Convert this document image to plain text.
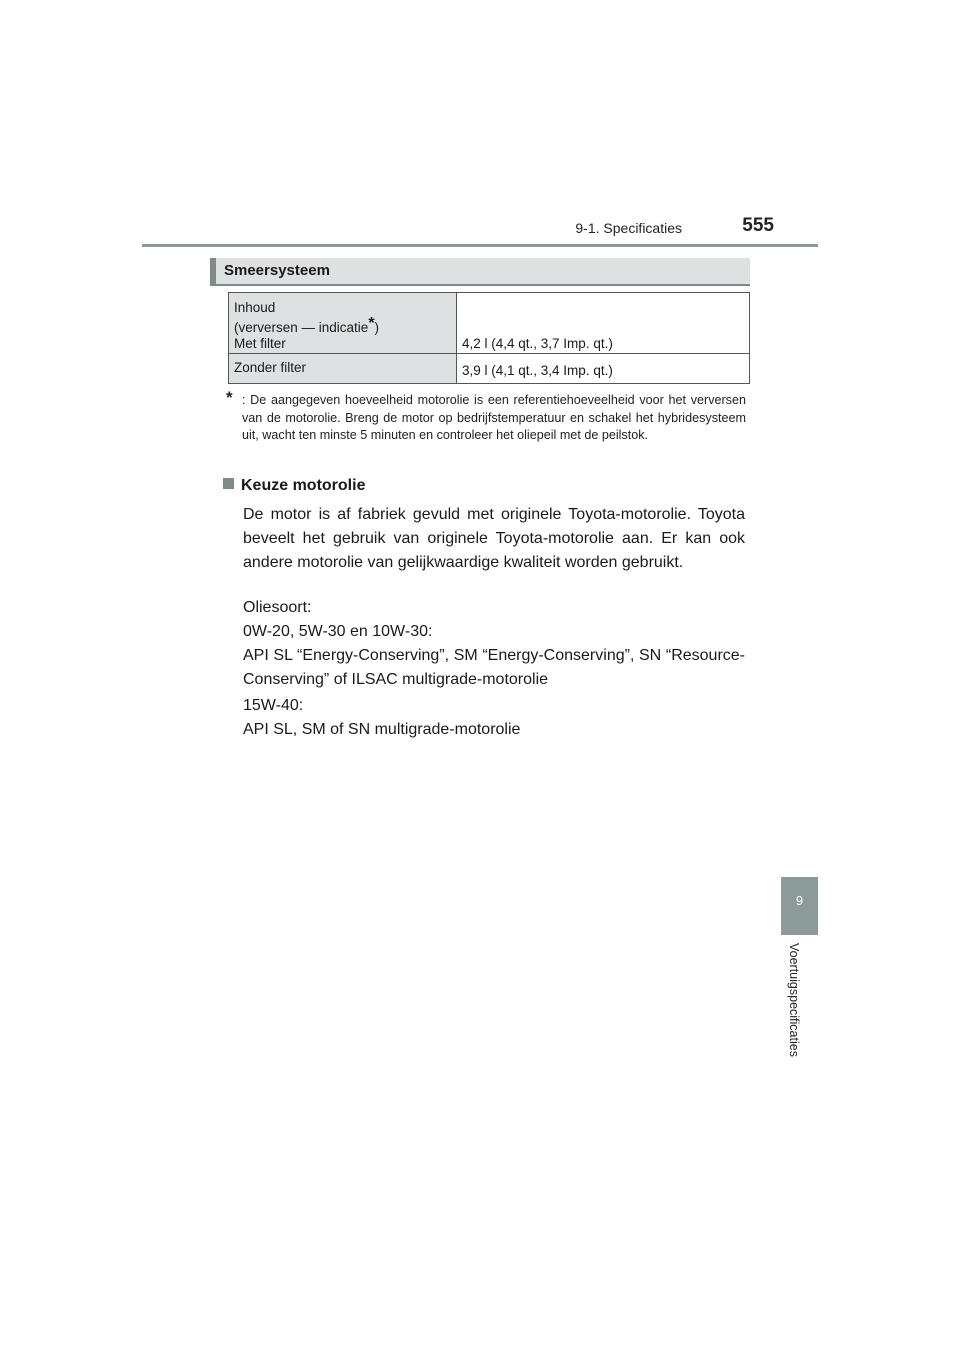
9-1. Specificaties	555
Smeersysteem
Inhoud
(verversen — indicatie*)
Met filter	4,2 l (4,4 qt., 3,7 Imp. qt.)
Zonder filter	3,9 l (4,1 qt., 3,4 Imp. qt.)
* : De aangegeven hoeveelheid motorolie is een referentiehoeveelheid voor het verversen van de motorolie. Breng de motor op bedrijfstemperatuur en schakel het hybridesysteem uit, wacht ten minste 5 minuten en controleer het oliepeil met de peilstok.
Keuze motorolie

De motor is af fabriek gevuld met originele Toyota-motorolie. Toyota beveelt het gebruik van originele Toyota-motorolie aan. Er kan ook andere motorolie van gelijkwaardige kwaliteit worden gebruikt.

Oliesoort:

0W-20, 5W-30 en 10W-30:

API SL “Energy-Conserving”, SM “Energy-Conserving”, SN “Resource-Conserving” of ILSAC multigrade-motorolie

15W-40:

API SL, SM of SN multigrade-motorolie

9
Voertuigspecificaties
